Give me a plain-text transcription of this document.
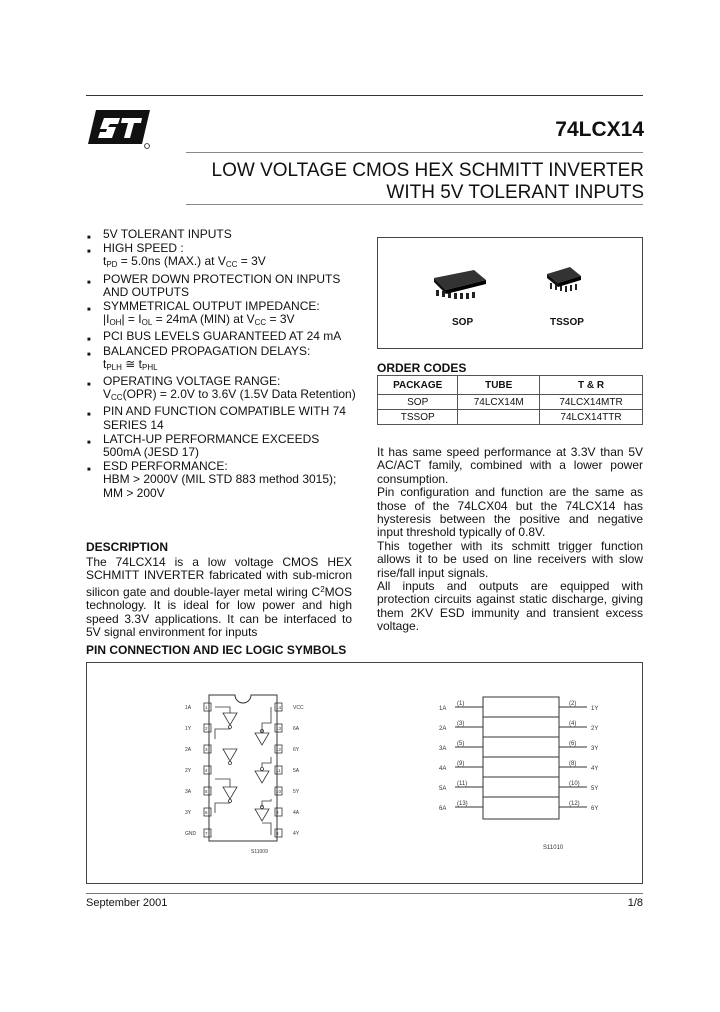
74LCX14
LOW VOLTAGE CMOS HEX SCHMITT INVERTER
WITH 5V TOLERANT INPUTS
■ 5V TOLERANT INPUTS
■ HIGH SPEED :
$t_{PD} = 5.0ns$ (MAX.) at $V_{CC} = 3V$
■ POWER DOWN PROTECTION ON INPUTS AND OUTPUTS
■ SYMMETRICAL OUTPUT IMPEDANCE:
$|I_{OH}| = I_{OL} = 24mA$ (MIN) at $V_{CC} = 3V$
■ PCI BUS LEVELS GUARANTEED AT 24 mA
■ BALANCED PROPAGATION DELAYS:
$t_{PLH}$ ≅ $t_{PHL}$
■ OPERATING VOLTAGE RANGE:
$V_{CC}(OPR) = 2.0V$ to 3.6V (1.5V Data Retention)
■ PIN AND FUNCTION COMPATIBLE WITH 74 SERIES 14
■ LATCH-UP PERFORMANCE EXCEEDS 500mA (JESD 17)
■ ESD PERFORMANCE:
HBM > 2000V (MIL STD 883 method 3015);
MM > 200V
SOP	TSSOP
ORDER CODES
PACKAGE	TUBE	T & R
SOP	74LCX14M	74LCX14MTR
TSSOP		74LCX14TTR

It has same speed performance at 3.3V than 5V AC/ACT family, combined with a lower power consumption.

Pin configuration and function are the same as those of the 74LCX04 but the 74LCX14 has hysteresis between the positive and negative input threshold typically of 0.8V.

This together with its schmitt trigger function allows it to be used on line receivers with slow rise/fall input signals.

All inputs and outputs are equipped with protection circuits against static discharge, giving them 2KV ESD immunity and transient excess voltage.

DESCRIPTION
The 74LCX14 is a low voltage CMOS HEX SCHMITT INVERTER fabricated with sub-micron silicon gate and double-layer metal wiring $C^2MOS$ technology. It is ideal for low power and high speed 3.3V applications. It can be interfaced to 5V signal environment for inputs
PIN CONNECTION AND IEC LOGIC SYMBOLS
S11009
1A
(1)
2A
(3)
3A
(5)
4A
(9)
5A
(11)
6A
(13)
(2)
1Y
(4)
2Y
(6)
3Y
(8)
4Y
(10)
5Y
(12)
6Y
S11010
1A	1
1Y	2
2A	3
2Y	4
3A	5
3Y	6
GND 7
VCC
14
6A
13
6Y
12
5A
11
5Y
10
4A
9
4Y
8
September 2001	1/8
